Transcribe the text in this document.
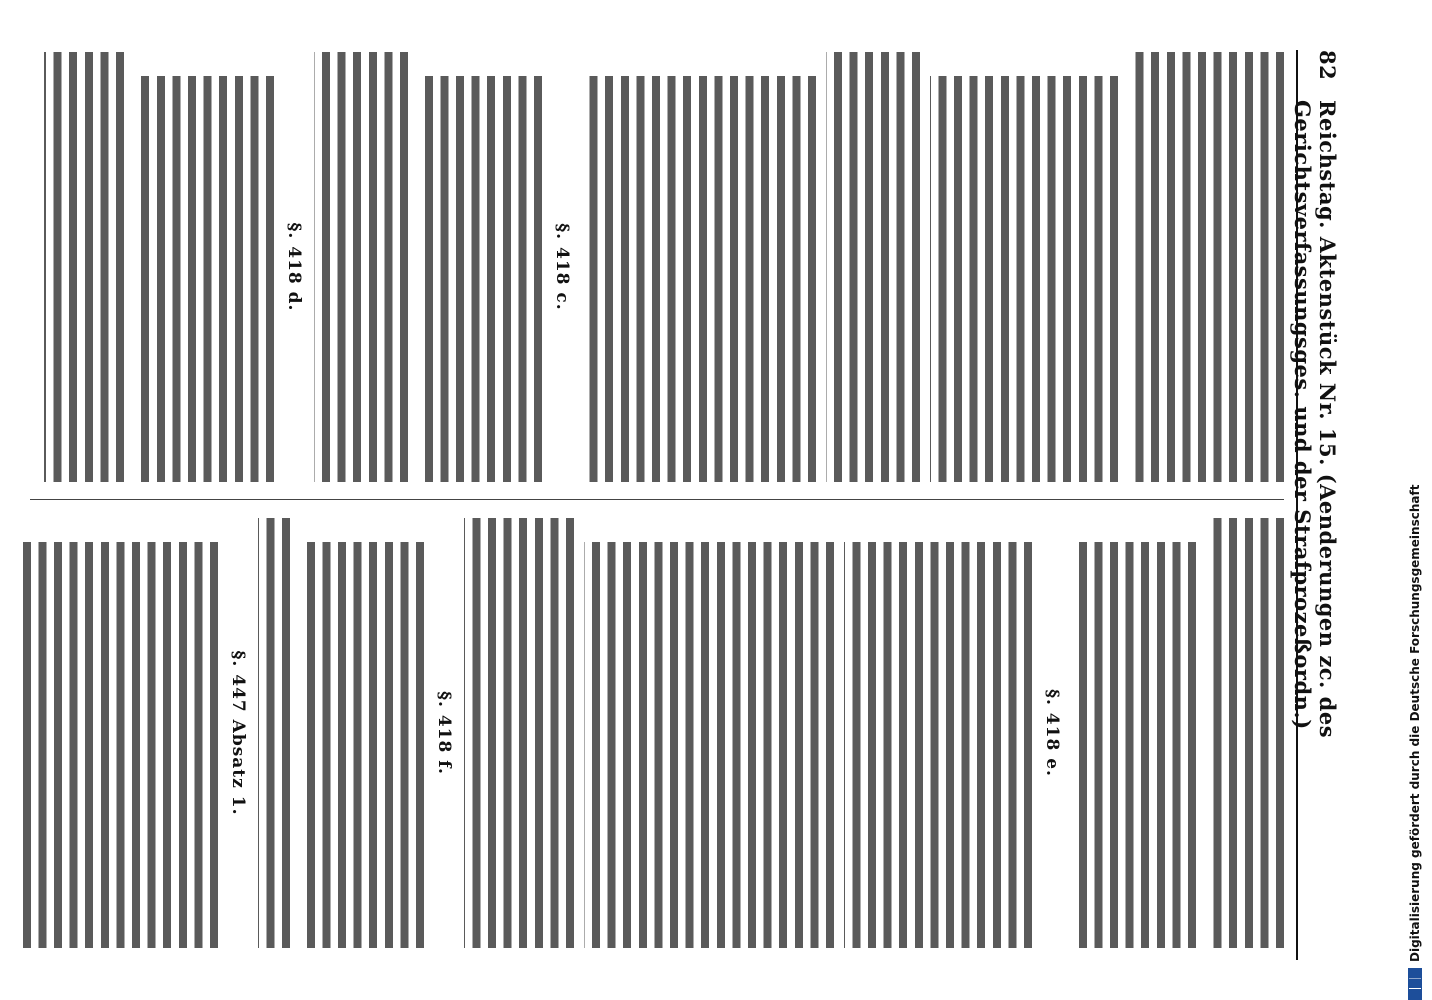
82
Reichstag. Aktenstück Nr. 15. (Aenderungen zc. des Gerichtsverfassungsges. und der Strafprozeßordn.)
§. 418 c.
§. 418 d.
§. 418 e.
§. 418 f.
§. 447 Absatz 1.	Digitalisierung gefördert durch die Deutsche Forschungsgemeinschaft
